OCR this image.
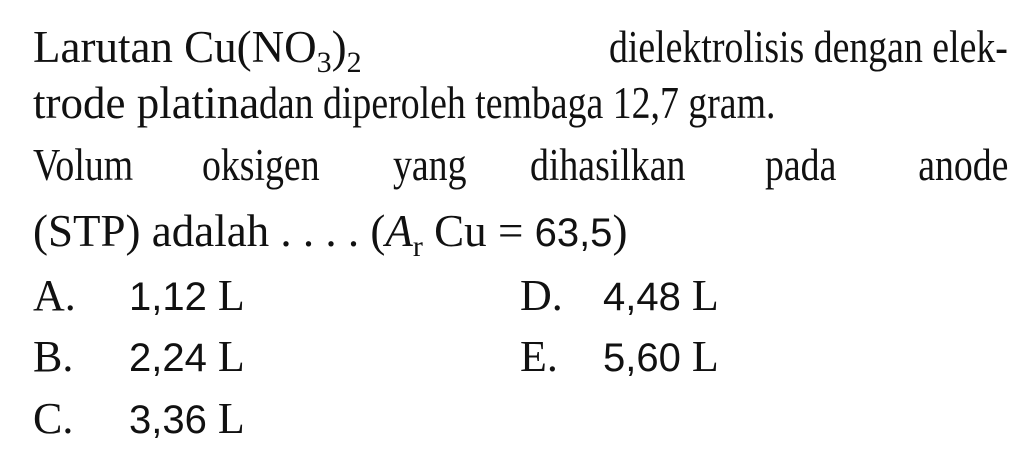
Larutan $Cu(NO_3)_2$	dielektrolisis dengan elek-
trode platinadan diperoleh tembaga 12,7 gram.
Volum oksigen yang dihasilkan pada anode
(STP) adalah . . . . ($A_r$ Cu = 63,5)
A. 1,12 L
B. 2,24 L
C. 3,36 L
D. 4,48 L
E. 5,60 L
